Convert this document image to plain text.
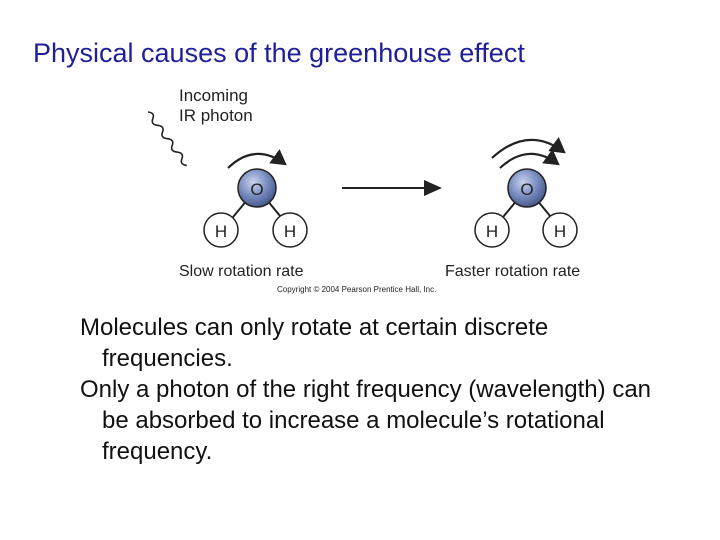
Physical causes of the greenhouse effect
Incoming
IR photon
O
H	H
O
H	H
Slow rotation rate	Faster rotation rate
Copyright © 2004 Pearson Prentice Hall, Inc.

Molecules can only rotate at certain discrete frequencies.

Only a photon of the right frequency (wavelength) can be absorbed to increase a molecule’s rotational frequency.
